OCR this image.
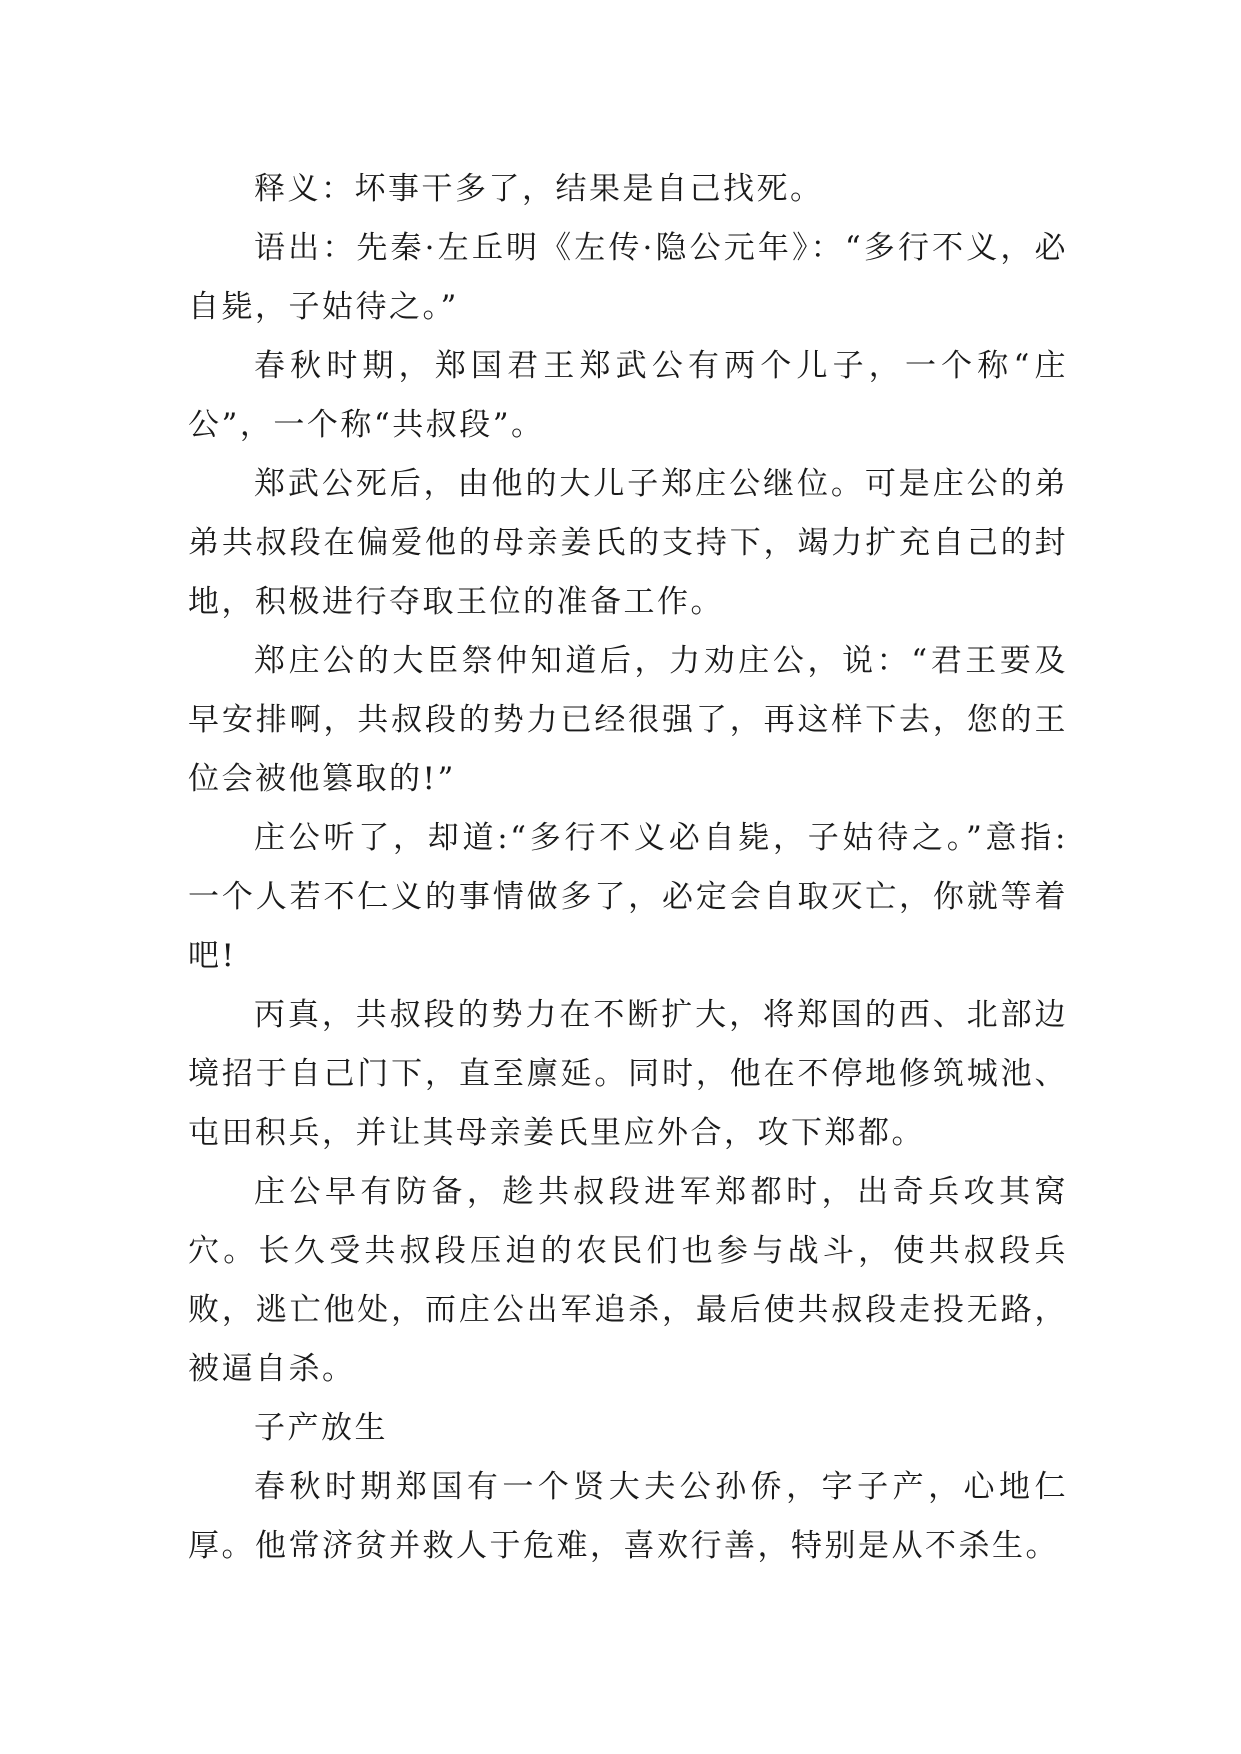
释义：坏事干多了，结果是自己找死。

语出：先秦·左丘明《左传·隐公元年》：“多行不义，必自毙，子姑待之。”

春秋时期，郑国君王郑武公有两个儿子，一个称“庄公”，一个称“共叔段”。

郑武公死后，由他的大儿子郑庄公继位。可是庄公的弟弟共叔段在偏爱他的母亲姜氏的支持下，竭力扩充自己的封地，积极进行夺取王位的准备工作。

郑庄公的大臣祭仲知道后，力劝庄公，说：“君王要及早安排啊，共叔段的势力已经很强了，再这样下去，您的王位会被他篡取的!”

庄公听了，却道:“多行不义必自毙，子姑待之。”意指:一个人若不仁义的事情做多了，必定会自取灭亡，你就等着吧!

丙真，共叔段的势力在不断扩大，将郑国的西、北部边境招于自己门下，直至廪延。同时，他在不停地修筑城池、屯田积兵，并让其母亲姜氏里应外合，攻下郑都。

庄公早有防备，趁共叔段进军郑都时，出奇兵攻其窝穴。长久受共叔段压迫的农民们也参与战斗，使共叔段兵败，逃亡他处，而庄公出军追杀，最后使共叔段走投无路，被逼自杀。

子产放生

春秋时期郑国有一个贤大夫公孙侨，字子产，心地仁厚。他常济贫并救人于危难，喜欢行善，特别是从不杀生。
